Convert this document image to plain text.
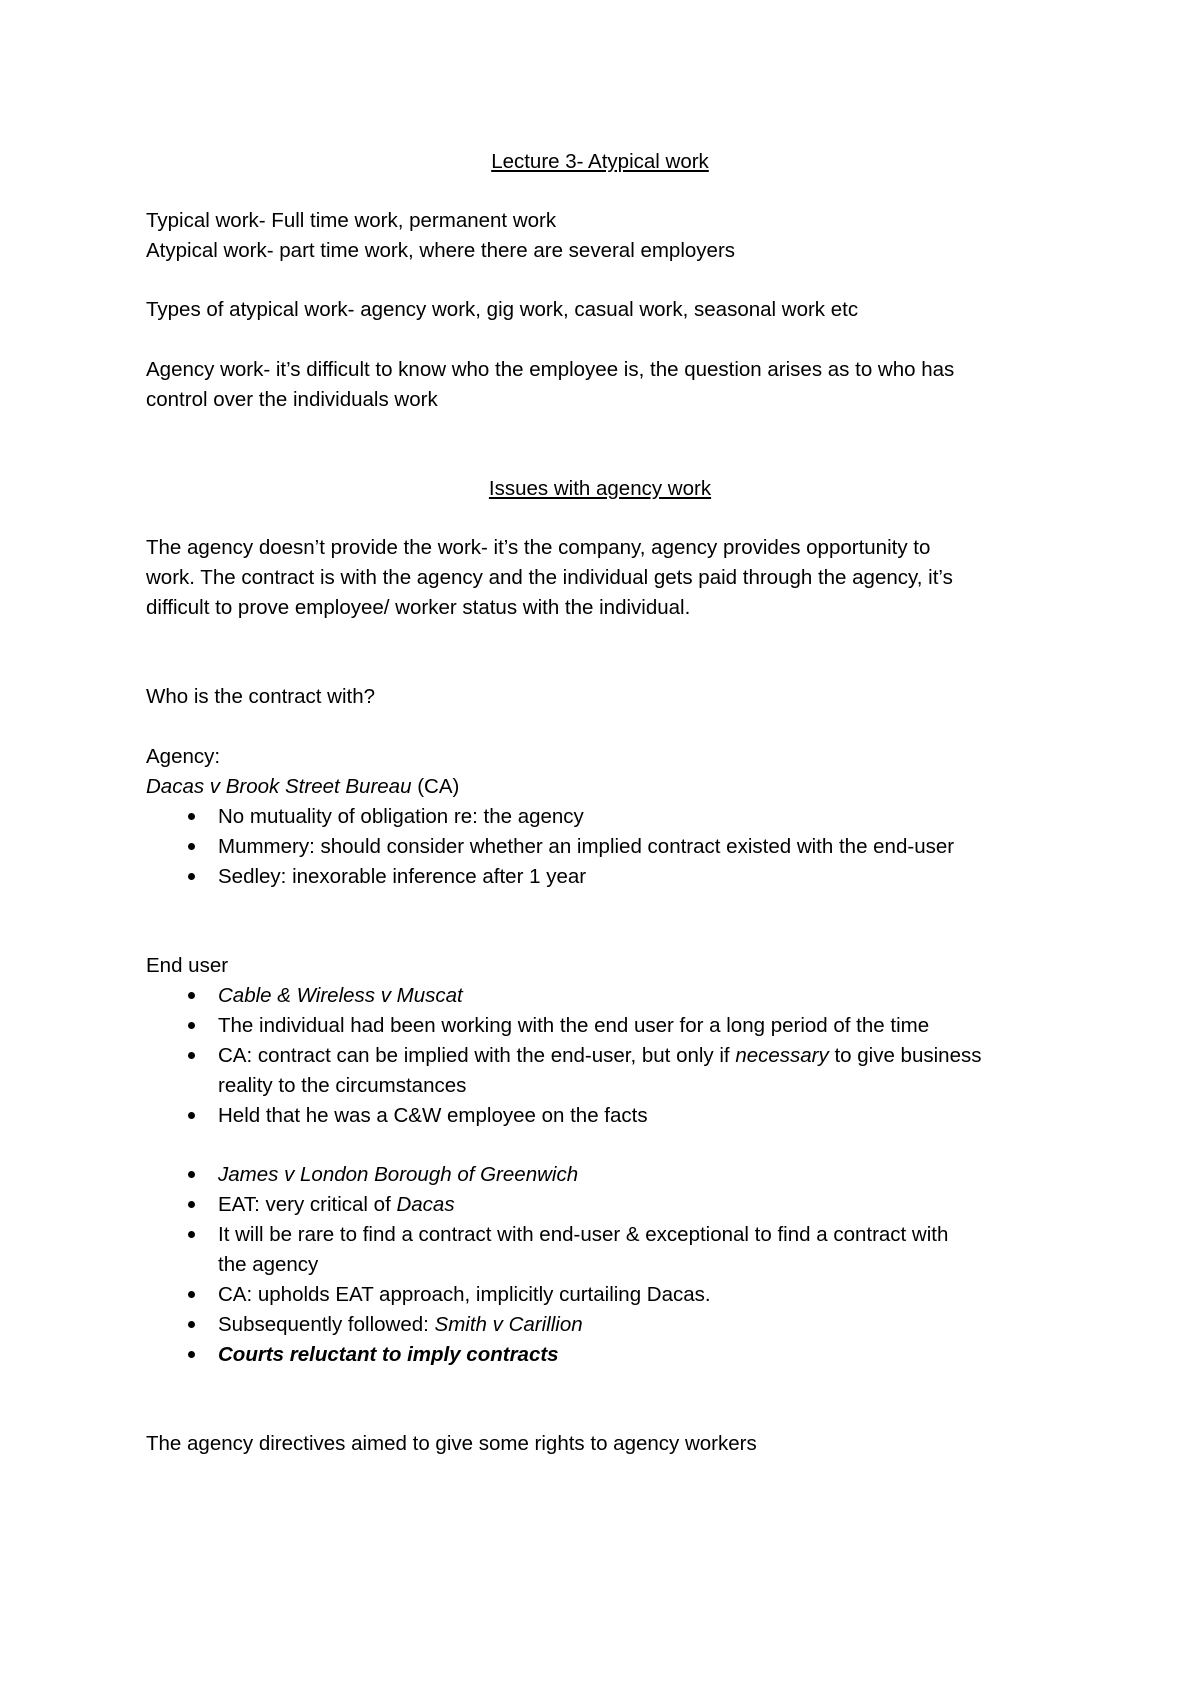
Lecture 3- Atypical work
Typical work- Full time work, permanent work
Atypical work- part time work, where there are several employers
Types of atypical work- agency work, gig work, casual work, seasonal work etc
Agency work- it’s difficult to know who the employee is, the question arises as to who has
control over the individuals work
Issues with agency work
The agency doesn’t provide the work- it’s the company, agency provides opportunity to
work. The contract is with the agency and the individual gets paid through the agency, it’s
difficult to prove employee/ worker status with the individual.
Who is the contract with?
Agency:
Dacas v Brook Street Bureau (CA)
No mutuality of obligation re: the agency
Mummery: should consider whether an implied contract existed with the end-user
Sedley: inexorable inference after 1 year
End user
Cable & Wireless v Muscat
The individual had been working with the end user for a long period of the time
CA: contract can be implied with the end-user, but only if necessary to give business
reality to the circumstances
Held that he was a C&W employee on the facts
James v London Borough of Greenwich
EAT: very critical of Dacas
It will be rare to find a contract with end-user & exceptional to find a contract with
the agency
CA: upholds EAT approach, implicitly curtailing Dacas.
Subsequently followed: Smith v Carillion
Courts reluctant to imply contracts
The agency directives aimed to give some rights to agency workers
